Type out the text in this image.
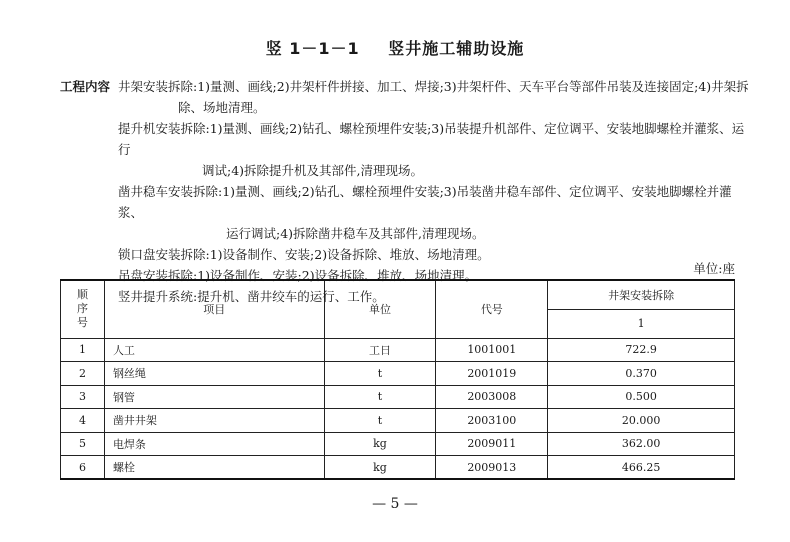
竖 1－1－1 竖井施工辅助设施
工程内容 井架安装拆除:1)量测、画线;2)井架杆件拼接、加工、焊接;3)井架杆件、天车平台等部件吊装及连接固定;4)井架拆
除、场地清理。
提升机安装拆除:1)量测、画线;2)钻孔、螺栓预埋件安装;3)吊装提升机部件、定位调平、安装地脚螺栓并灌浆、运行
调试;4)拆除提升机及其部件,清理现场。
凿井稳车安装拆除:1)量测、画线;2)钻孔、螺栓预埋件安装;3)吊装凿井稳车部件、定位调平、安装地脚螺栓并灌浆、
运行调试;4)拆除凿井稳车及其部件,清理现场。
锁口盘安装拆除:1)设备制作、安装;2)设备拆除、堆放、场地清理。
吊盘安装拆除:1)设备制作、安装;2)设备拆除、堆放、场地清理。
竖井提升系统:提升机、凿井绞车的运行、工作。
单位:座
顺
序
号	项目	单位	代号	井架安装拆除
				1
1	人工	工日	1001001	722.9
2	钢丝绳	t	2001019	0.370
3	钢管	t	2003008	0.500
4	凿井井架	t	2003100	20.000
5	电焊条	kg	2009011	362.00
6	螺栓	kg	2009013	466.25
— 5 —
